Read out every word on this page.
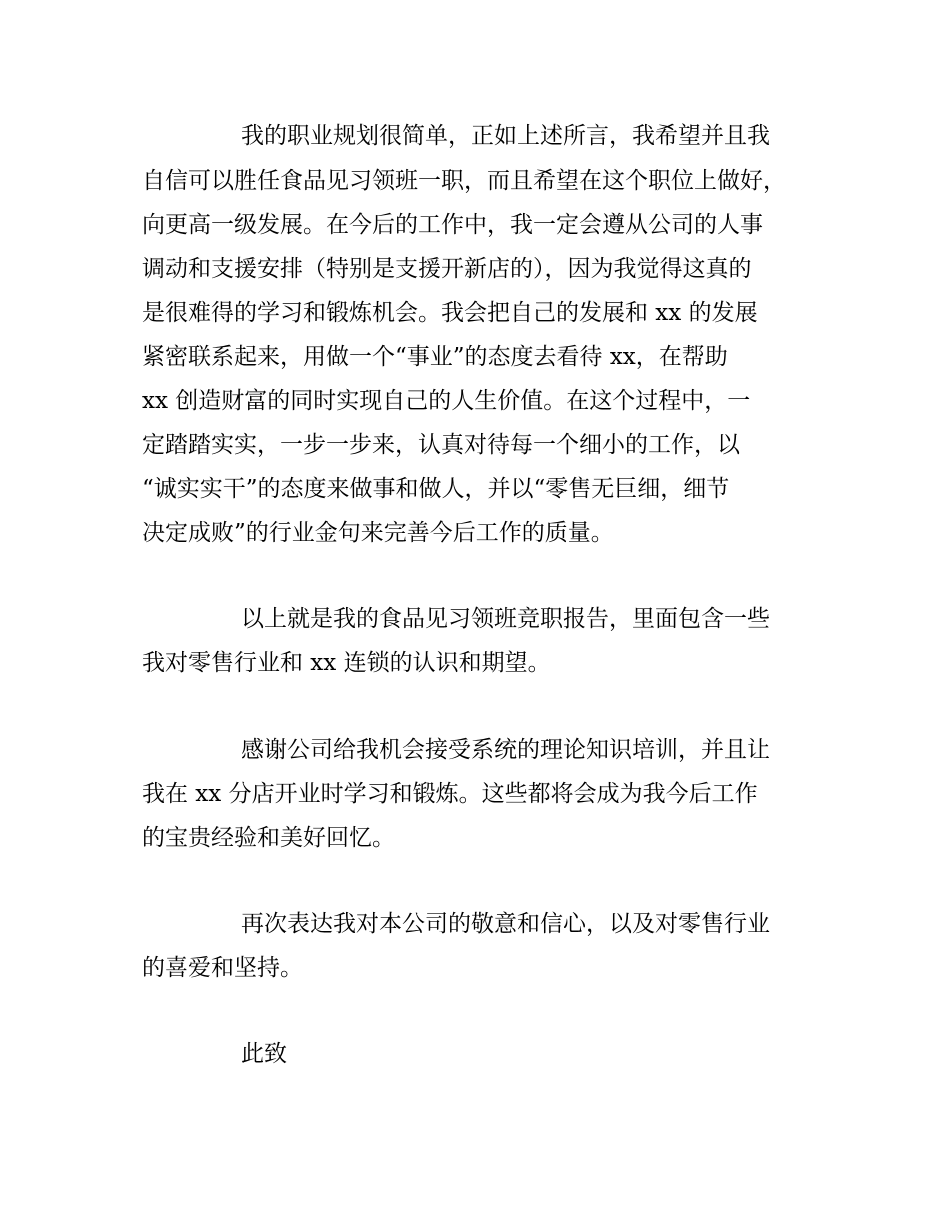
我的职业规划很简单，正如上述所言，我希望并且我
自信可以胜任食品见习领班一职，而且希望在这个职位上做好，
向更高一级发展。在今后的工作中，我一定会遵从公司的人事
调动和支援安排（特别是支援开新店的），因为我觉得这真的
是很难得的学习和锻炼机会。我会把自己的发展和 xx 的发展
紧密联系起来，用做一个“事业”的态度去看待 xx，在帮助
xx 创造财富的同时实现自己的人生价值。在这个过程中，一
定踏踏实实，一步一步来，认真对待每一个细小的工作，以
“诚实实干”的态度来做事和做人，并以“零售无巨细，细节
决定成败”的行业金句来完善今后工作的质量。
以上就是我的食品见习领班竞职报告，里面包含一些
我对零售行业和 xx 连锁的认识和期望。
感谢公司给我机会接受系统的理论知识培训，并且让
我在 xx 分店开业时学习和锻炼。这些都将会成为我今后工作
的宝贵经验和美好回忆。
再次表达我对本公司的敬意和信心，以及对零售行业
的喜爱和坚持。
此致
